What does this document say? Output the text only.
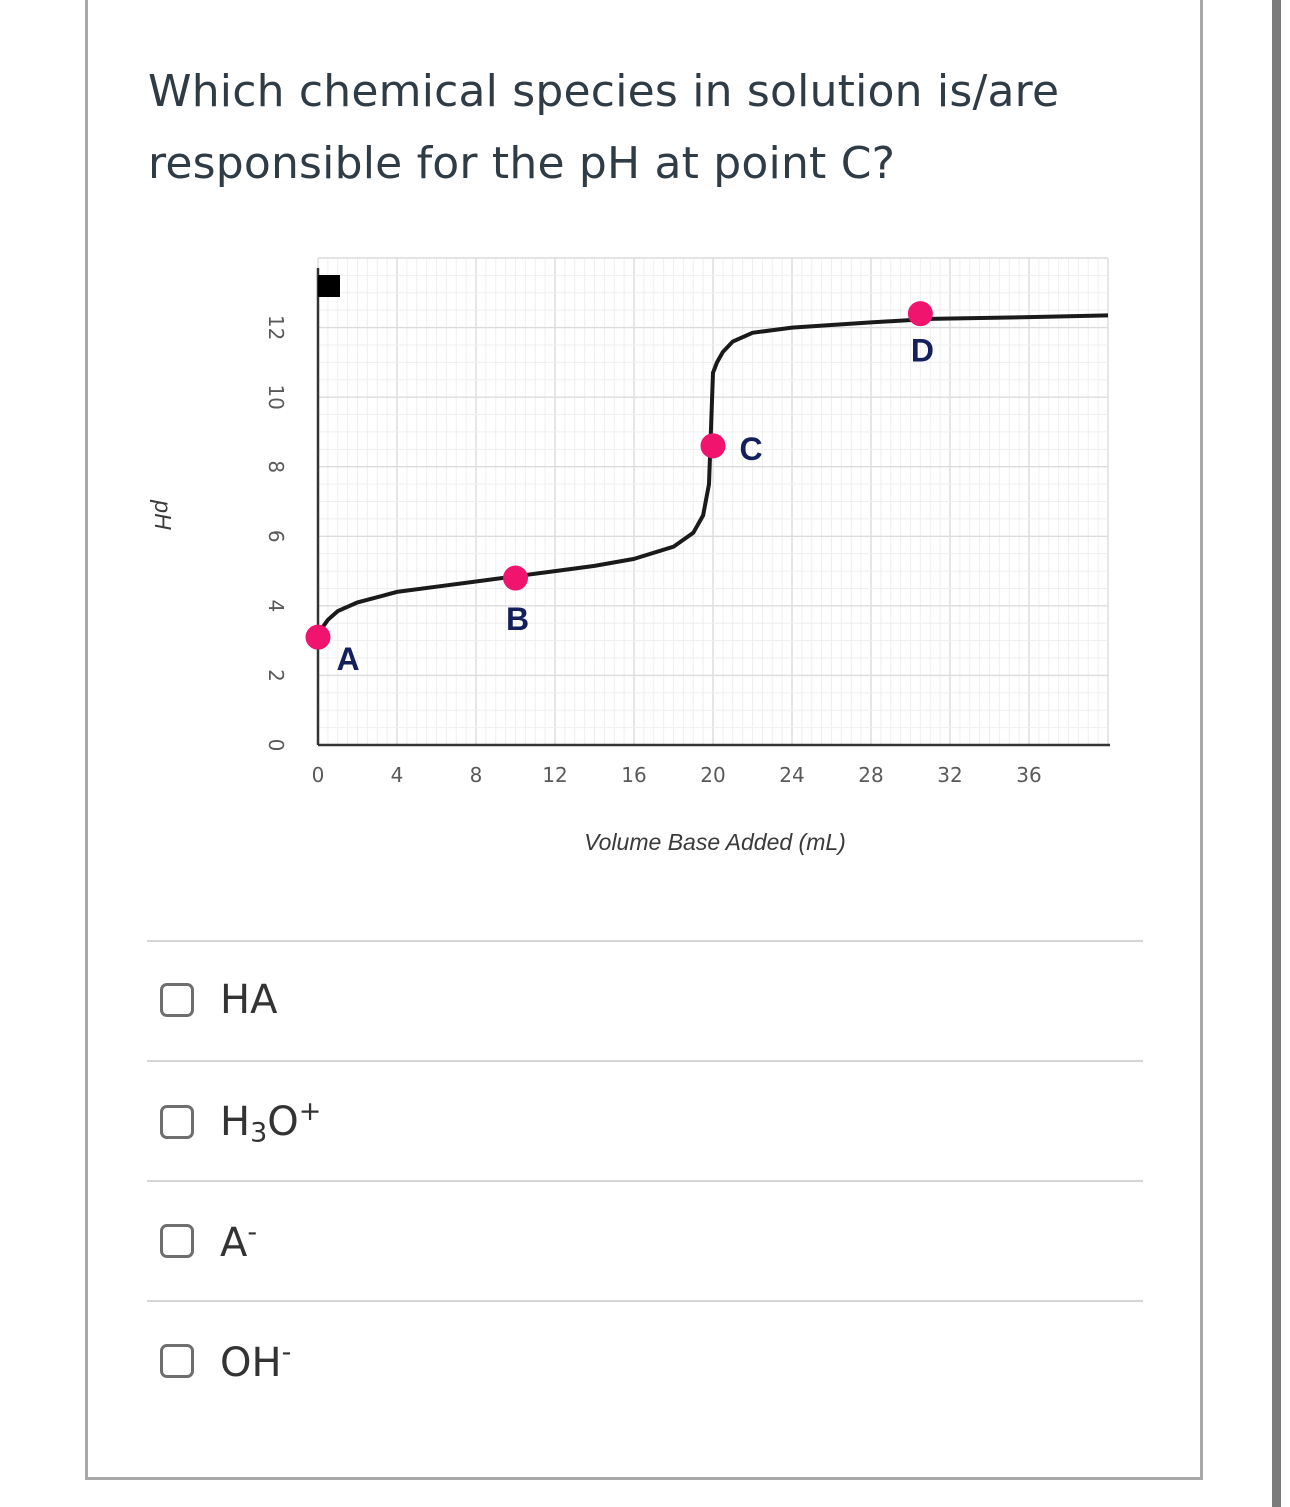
Which chemical species in solution is/are
responsible for the pH at point C?
0	4	8	12	16	20	24	28	32	36
0
2
4
6
8
10
12
A
B
C
D
Volume Base Added (mL)
pH
HA
$H_3O^+$
A-
OH-
